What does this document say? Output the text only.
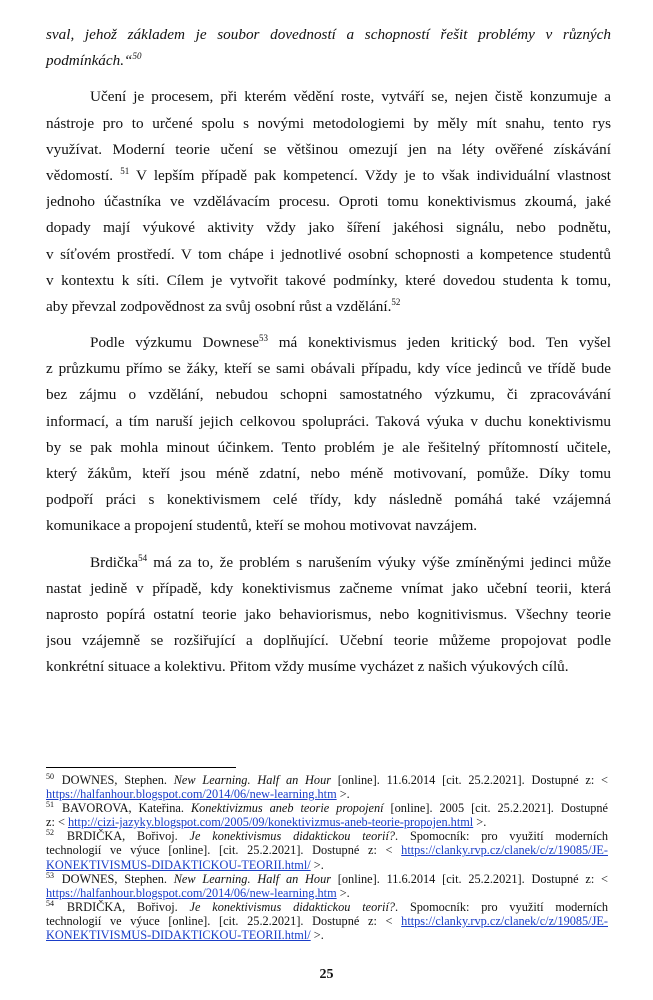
sval, jehož základem je soubor dovedností a schopností řešit problémy v různých
podmínkách.“$^{50}$
Učení je procesem, při kterém vědění roste, vytváří se, nejen čistě konzumuje a
nástroje pro to určené spolu s novými metodologiemi by měly mít snahu, tento rys
využívat. Moderní teorie učení se většinou omezují jen na léty ověřené získávání
vědomostí. $^{51}$ V lepším případě pak kompetencí. Vždy je to však individuální vlastnost
jednoho účastníka ve vzdělávacím procesu. Oproti tomu konektivismus zkoumá, jaké
dopady mají výukové aktivity vždy jako šíření jakéhosi signálu, nebo podnětu,
v síťovém prostředí. V tom chápe i jednotlivé osobní schopnosti a kompetence studentů
v kontextu k síti. Cílem je vytvořit takové podmínky, které dovedou studenta k tomu,
aby převzal zodpovědnost za svůj osobní růst a vzdělání.$^{52}$
Podle výzkumu Downese$^{53}$ má konektivismus jeden kritický bod. Ten vyšel
z průzkumu přímo se žáky, kteří se sami obávali případu, kdy více jedinců ve třídě bude
bez zájmu o vzdělání, nebudou schopni samostatného výzkumu, či zpracovávání
informací, a tím naruší jejich celkovou spolupráci. Taková výuka v duchu konektivismu
by se pak mohla minout účinkem. Tento problém je ale řešitelný přítomností učitele,
který žákům, kteří jsou méně zdatní, nebo méně motivovaní, pomůže. Díky tomu
podpoří práci s konektivismem celé třídy, kdy následně pomáhá také vzájemná
komunikace a propojení studentů, kteří se mohou motivovat navzájem.
Brdička$^{54}$ má za to, že problém s narušením výuky výše zmíněnými jedinci může
nastat jedině v případě, kdy konektivismus začneme vnímat jako učební teorii, která
naprosto popírá ostatní teorie jako behaviorismus, nebo kognitivismus. Všechny teorie
jsou vzájemně se rozšiřující a doplňující. Učební teorie můžeme propojovat podle
konkrétní situace a kolektivu. Přitom vždy musíme vycházet z našich výukových cílů.
$^{50}$ DOWNES, Stephen. New Learning. Half an Hour [online]. 11.6.2014 [cit. 25.2.2021]. Dostupné z: <
https://halfanhour.blogspot.com/2014/06/new-learning.htm >.
$^{51}$ BAVOROVA, Kateřina. Konektivizmus aneb teorie propojení [online]. 2005 [cit. 25.2.2021]. Dostupné
z: < http://cizi-jazyky.blogspot.com/2005/09/konektivizmus-aneb-teorie-propojen.html >.
$^{52}$ BRDIČKA, Bořivoj. Je konektivismus didaktickou teorií?. Spomocník: pro využití moderních
technologií ve výuce [online]. [cit. 25.2.2021]. Dostupné z: < https://clanky.rvp.cz/clanek/c/z/19085/JE-
KONEKTIVISMUS-DIDAKTICKOU-TEORII.html/ >.
$^{53}$ DOWNES, Stephen. New Learning. Half an Hour [online]. 11.6.2014 [cit. 25.2.2021]. Dostupné z: <
https://halfanhour.blogspot.com/2014/06/new-learning.htm >.
$^{54}$ BRDIČKA, Bořivoj. Je konektivismus didaktickou teorií?. Spomocník: pro využití moderních
technologií ve výuce [online]. [cit. 25.2.2021]. Dostupné z: < https://clanky.rvp.cz/clanek/c/z/19085/JE-
KONEKTIVISMUS-DIDAKTICKOU-TEORII.html/ >.
25
